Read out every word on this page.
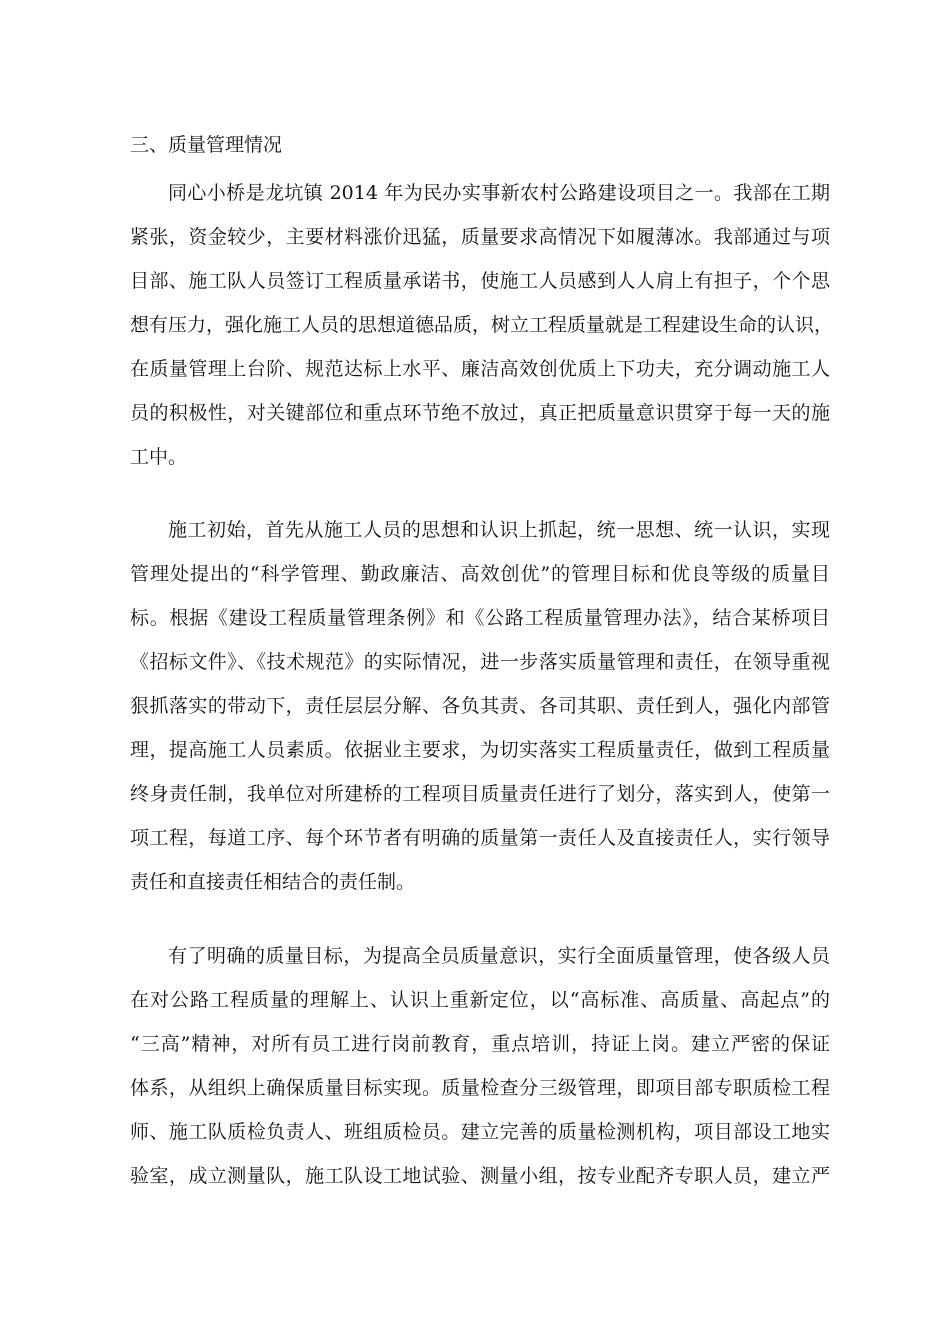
三、质量管理情况
同心小桥是龙坑镇 2014 年为民办实事新农村公路建设项目之一。我部在工期
紧张，资金较少，主要材料涨价迅猛，质量要求高情况下如履薄冰。我部通过与项
目部、施工队人员签订工程质量承诺书，使施工人员感到人人肩上有担子，个个思
想有压力，强化施工人员的思想道德品质，树立工程质量就是工程建设生命的认识，
在质量管理上台阶、规范达标上水平、廉洁高效创优质上下功夫，充分调动施工人
员的积极性，对关键部位和重点环节绝不放过，真正把质量意识贯穿于每一天的施
工中。
施工初始，首先从施工人员的思想和认识上抓起，统一思想、统一认识，实现
管理处提出的“科学管理、勤政廉洁、高效创优”的管理目标和优良等级的质量目
标。根据《建设工程质量管理条例》和《公路工程质量管理办法》，结合某桥项目
《招标文件》、《技术规范》的实际情况，进一步落实质量管理和责任，在领导重视
狠抓落实的带动下，责任层层分解、各负其责、各司其职、责任到人，强化内部管
理，提高施工人员素质。依据业主要求，为切实落实工程质量责任，做到工程质量
终身责任制，我单位对所建桥的工程项目质量责任进行了划分，落实到人，使第一
项工程，每道工序、每个环节者有明确的质量第一责任人及直接责任人，实行领导
责任和直接责任相结合的责任制。
有了明确的质量目标，为提高全员质量意识，实行全面质量管理，使各级人员
在对公路工程质量的理解上、认识上重新定位，以“高标准、高质量、高起点”的
“三高”精神，对所有员工进行岗前教育，重点培训，持证上岗。建立严密的保证
体系，从组织上确保质量目标实现。质量检查分三级管理，即项目部专职质检工程
师、施工队质检负责人、班组质检员。建立完善的质量检测机构，项目部设工地实
验室，成立测量队，施工队设工地试验、测量小组，按专业配齐专职人员，建立严
